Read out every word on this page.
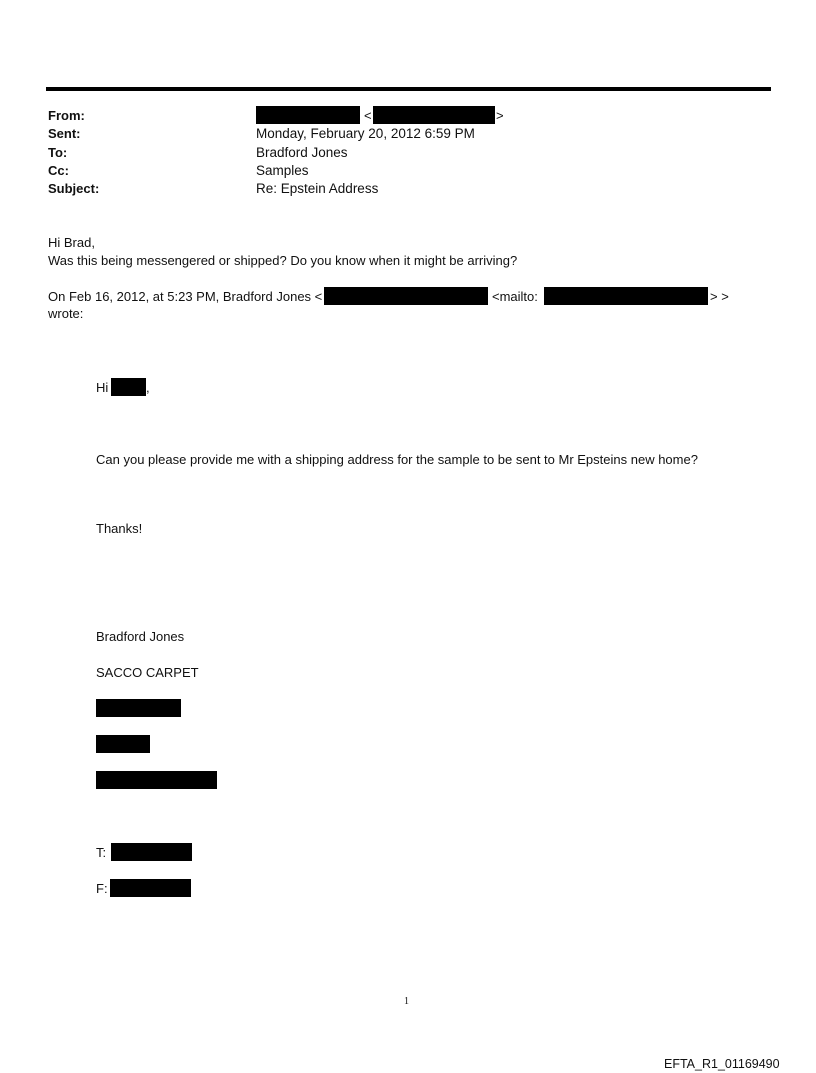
From:	<	>
Sent:	Monday, February 20, 2012 6:59 PM
To:	Bradford Jones
Cc:	Samples
Subject:	Re: Epstein Address
Hi Brad,
Was this being messengered or shipped? Do you know when it might be arriving?
On Feb 16, 2012, at 5:23 PM, Bradford Jones <	<mailto:	> >
wrote:
Hi	,
Can you please provide me with a shipping address for the sample to be sent to Mr Epsteins new home?
Thanks!
Bradford Jones
SACCO CARPET
T:
F:
1
EFTA_R1_01169490
